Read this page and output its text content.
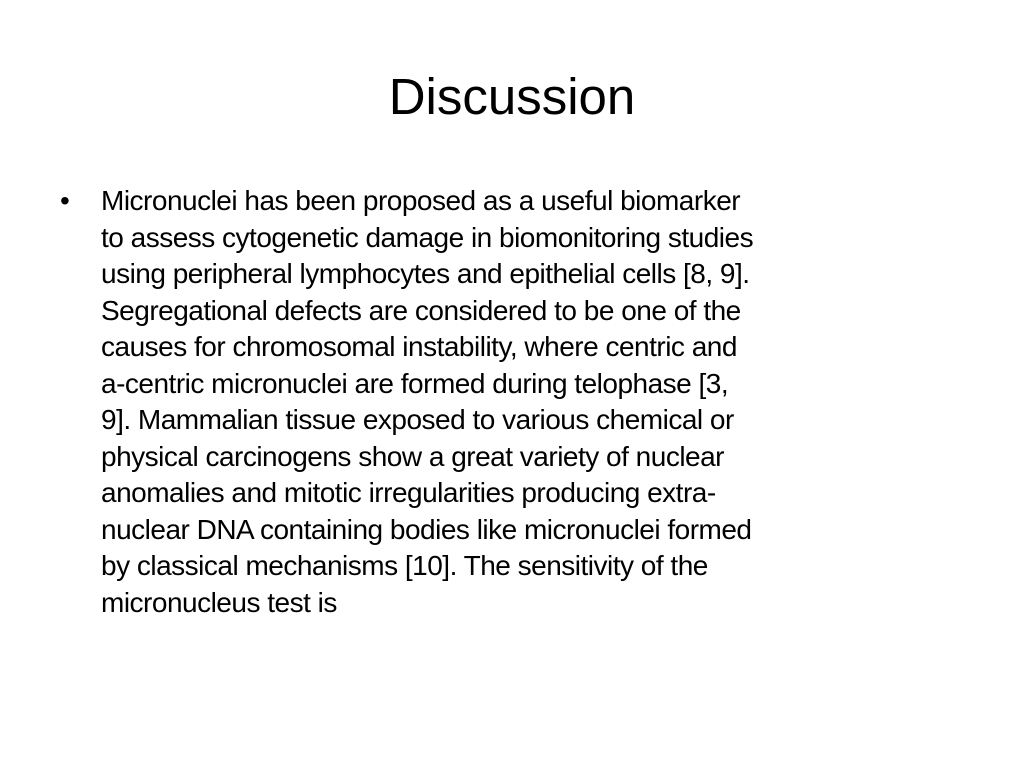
Discussion
• Micronuclei has been proposed as a useful biomarker
to assess cytogenetic damage in biomonitoring studies
using peripheral lymphocytes and epithelial cells [8, 9].
Segregational defects are considered to be one of the
causes for chromosomal instability, where centric and
a-centric micronuclei are formed during telophase [3,
9]. Mammalian tissue exposed to various chemical or
physical carcinogens show a great variety of nuclear
anomalies and mitotic irregularities producing extra-
nuclear DNA containing bodies like micronuclei formed
by classical mechanisms [10]. The sensitivity of the
micronucleus test is
